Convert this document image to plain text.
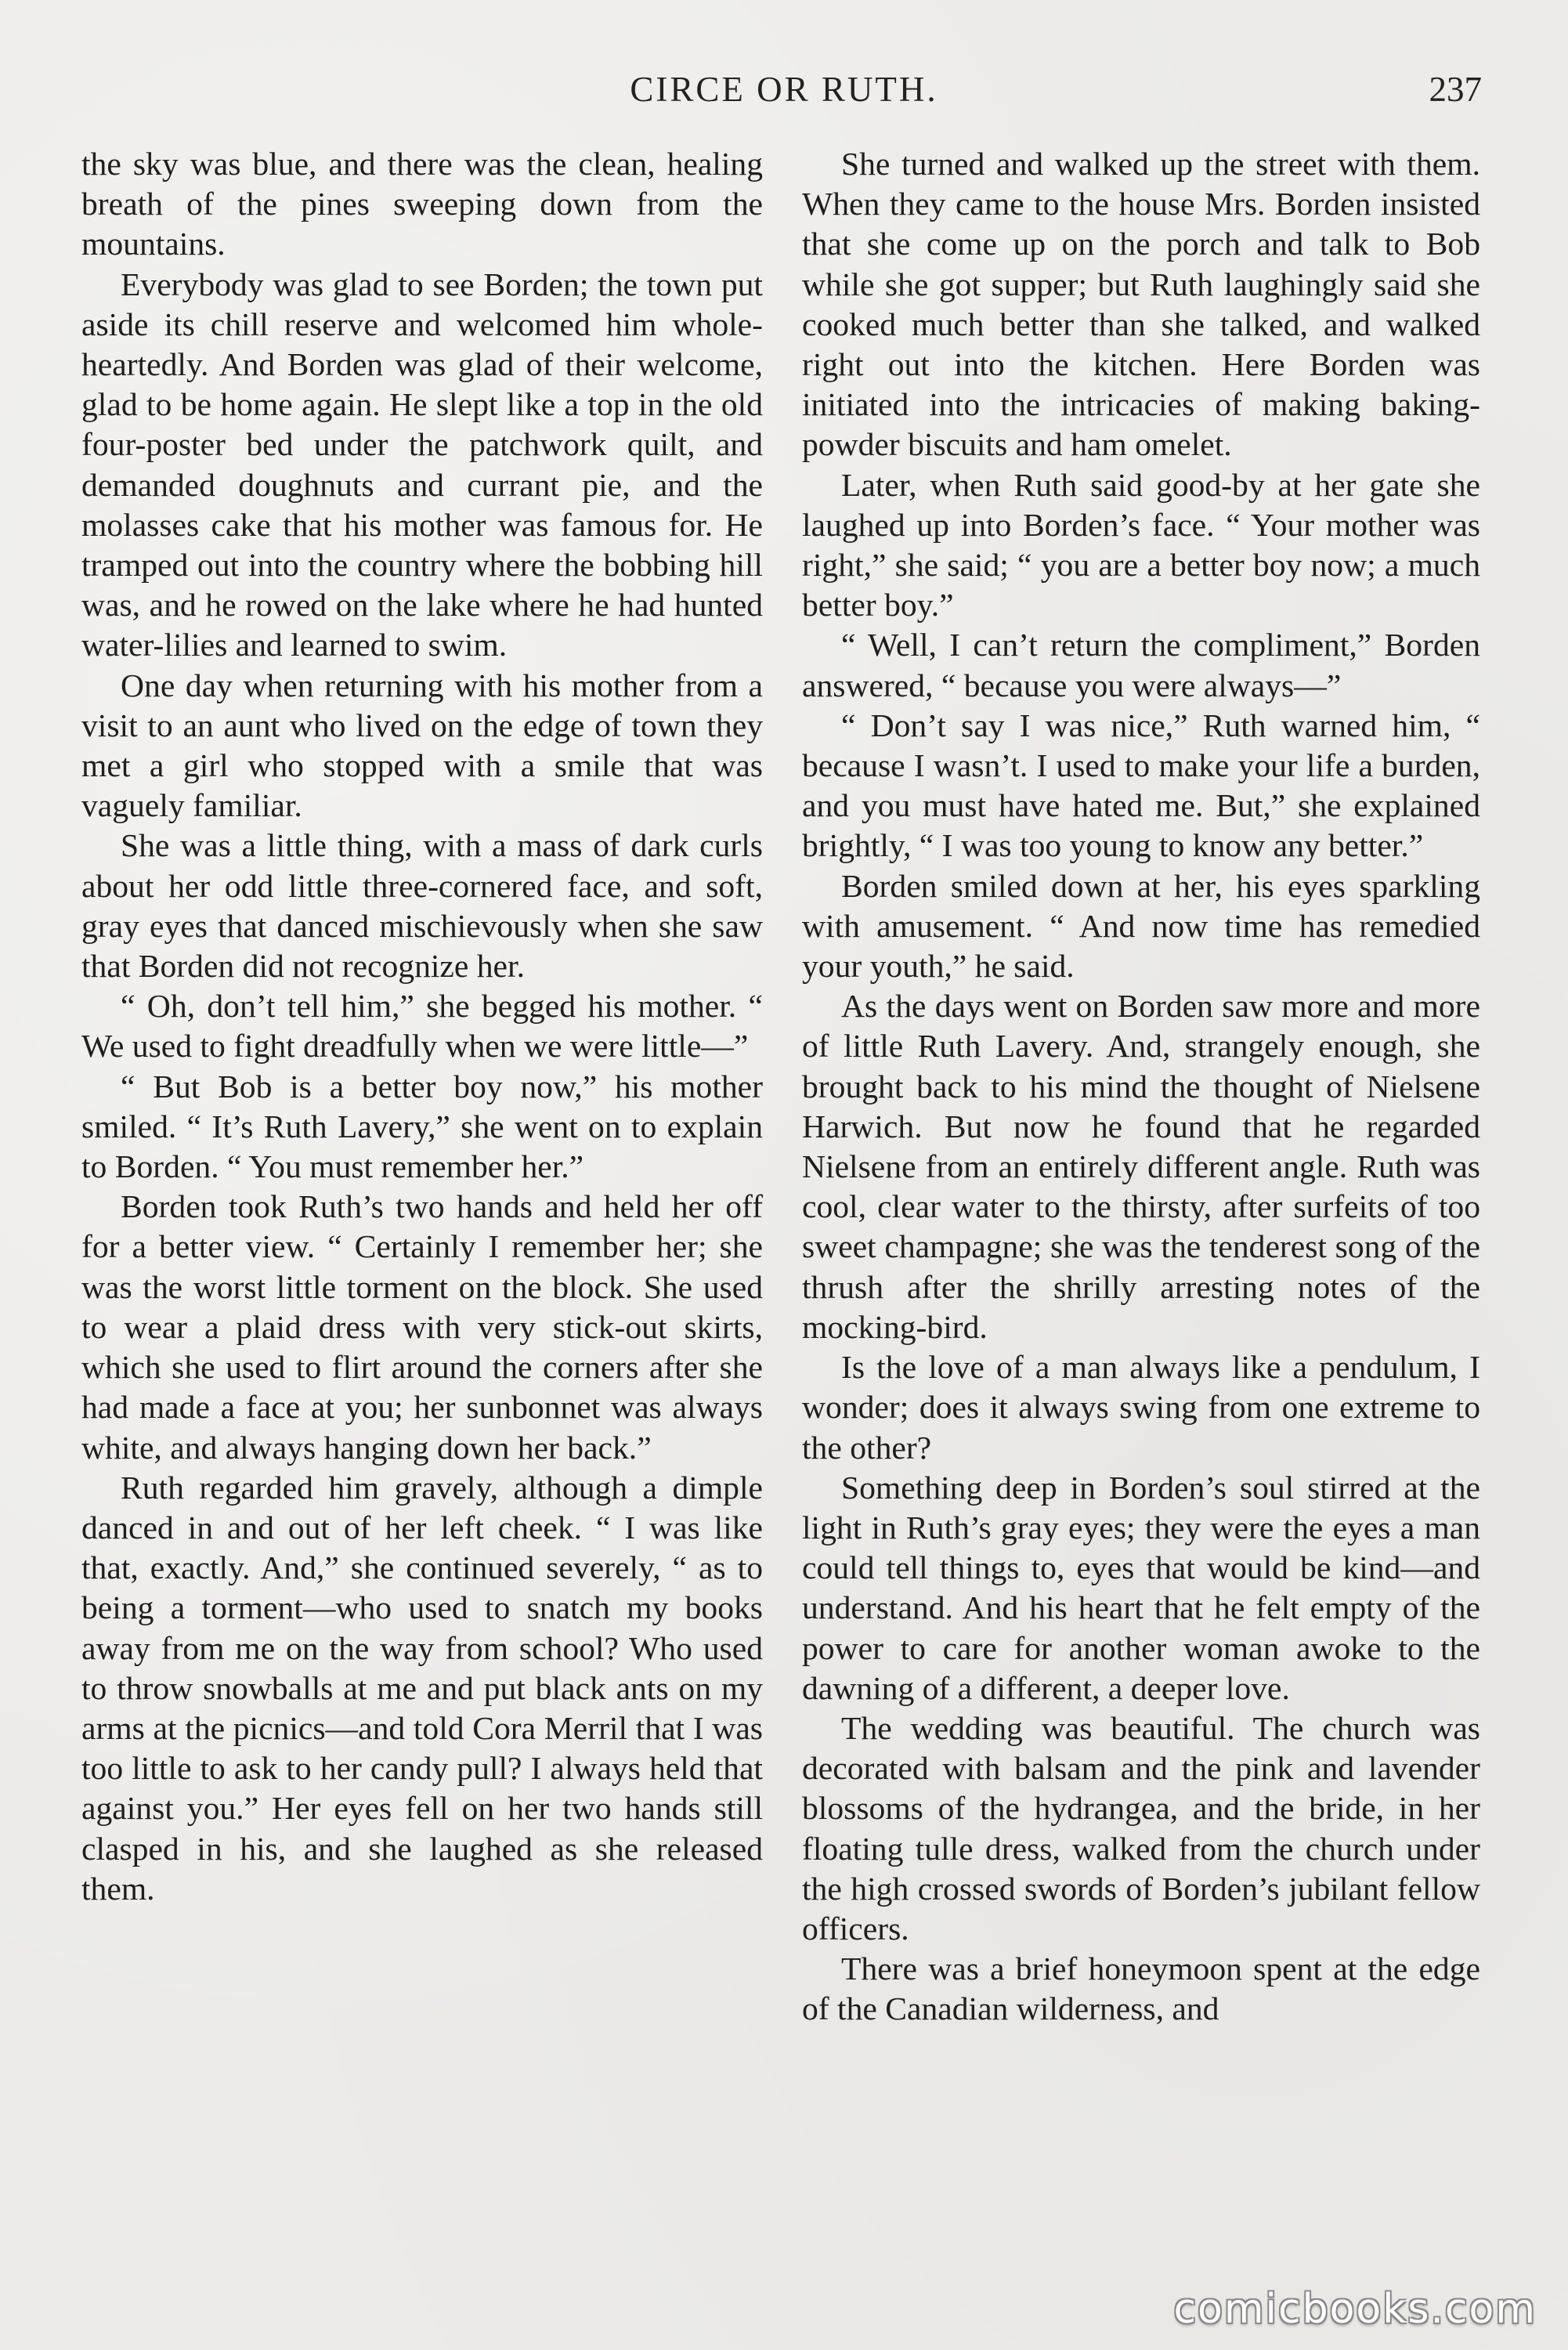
CIRCE OR RUTH.	237

the sky was blue, and there was the clean, healing breath of the pines sweeping down from the mountains.

Everybody was glad to see Borden; the town put aside its chill reserve and welcomed him whole-heartedly. And Borden was glad of their welcome, glad to be home again. He slept like a top in the old four-poster bed under the patchwork quilt, and demanded doughnuts and currant pie, and the molasses cake that his mother was famous for. He tramped out into the country where the bobbing hill was, and he rowed on the lake where he had hunted water-lilies and learned to swim.

One day when returning with his mother from a visit to an aunt who lived on the edge of town they met a girl who stopped with a smile that was vaguely familiar.

She was a little thing, with a mass of dark curls about her odd little three-cornered face, and soft, gray eyes that danced mischievously when she saw that Borden did not recognize her.

“ Oh, don’t tell him,” she begged his mother. “ We used to fight dreadfully when we were little—”

“ But Bob is a better boy now,” his mother smiled. “ It’s Ruth Lavery,” she went on to explain to Borden. “ You must remember her.”

Borden took Ruth’s two hands and held her off for a better view. “ Certainly I remember her; she was the worst little torment on the block. She used to wear a plaid dress with very stick-out skirts, which she used to flirt around the corners after she had made a face at you; her sunbonnet was always white, and always hanging down her back.”

Ruth regarded him gravely, although a dimple danced in and out of her left cheek. “ I was like that, exactly. And,” she continued severely, “ as to being a torment—who used to snatch my books away from me on the way from school? Who used to throw snowballs at me and put black ants on my arms at the picnics—and told Cora Merril that I was too little to ask to her candy pull? I always held that against you.” Her eyes fell on her two hands still clasped in his, and she laughed as she released them.

She turned and walked up the street with them. When they came to the house Mrs. Borden insisted that she come up on the porch and talk to Bob while she got supper; but Ruth laughingly said she cooked much better than she talked, and walked right out into the kitchen. Here Borden was initiated into the intricacies of making baking-powder biscuits and ham omelet.

Later, when Ruth said good-by at her gate she laughed up into Borden’s face. “ Your mother was right,” she said; “ you are a better boy now; a much better boy.”

“ Well, I can’t return the compliment,” Borden answered, “ because you were always—”

“ Don’t say I was nice,” Ruth warned him, “ because I wasn’t. I used to make your life a burden, and you must have hated me. But,” she explained brightly, “ I was too young to know any better.”

Borden smiled down at her, his eyes sparkling with amusement. “ And now time has remedied your youth,” he said.

As the days went on Borden saw more and more of little Ruth Lavery. And, strangely enough, she brought back to his mind the thought of Nielsene Harwich. But now he found that he regarded Nielsene from an entirely different angle. Ruth was cool, clear water to the thirsty, after surfeits of too sweet champagne; she was the tenderest song of the thrush after the shrilly arresting notes of the mocking-bird.

Is the love of a man always like a pendulum, I wonder; does it always swing from one extreme to the other?

Something deep in Borden’s soul stirred at the light in Ruth’s gray eyes; they were the eyes a man could tell things to, eyes that would be kind—and understand. And his heart that he felt empty of the power to care for another woman awoke to the dawning of a different, a deeper love.

The wedding was beautiful. The church was decorated with balsam and the pink and lavender blossoms of the hydrangea, and the bride, in her floating tulle dress, walked from the church under the high crossed swords of Borden’s jubilant fellow officers.

There was a brief honeymoon spent at the edge of the Canadian wilderness, and

comicbooks.com
